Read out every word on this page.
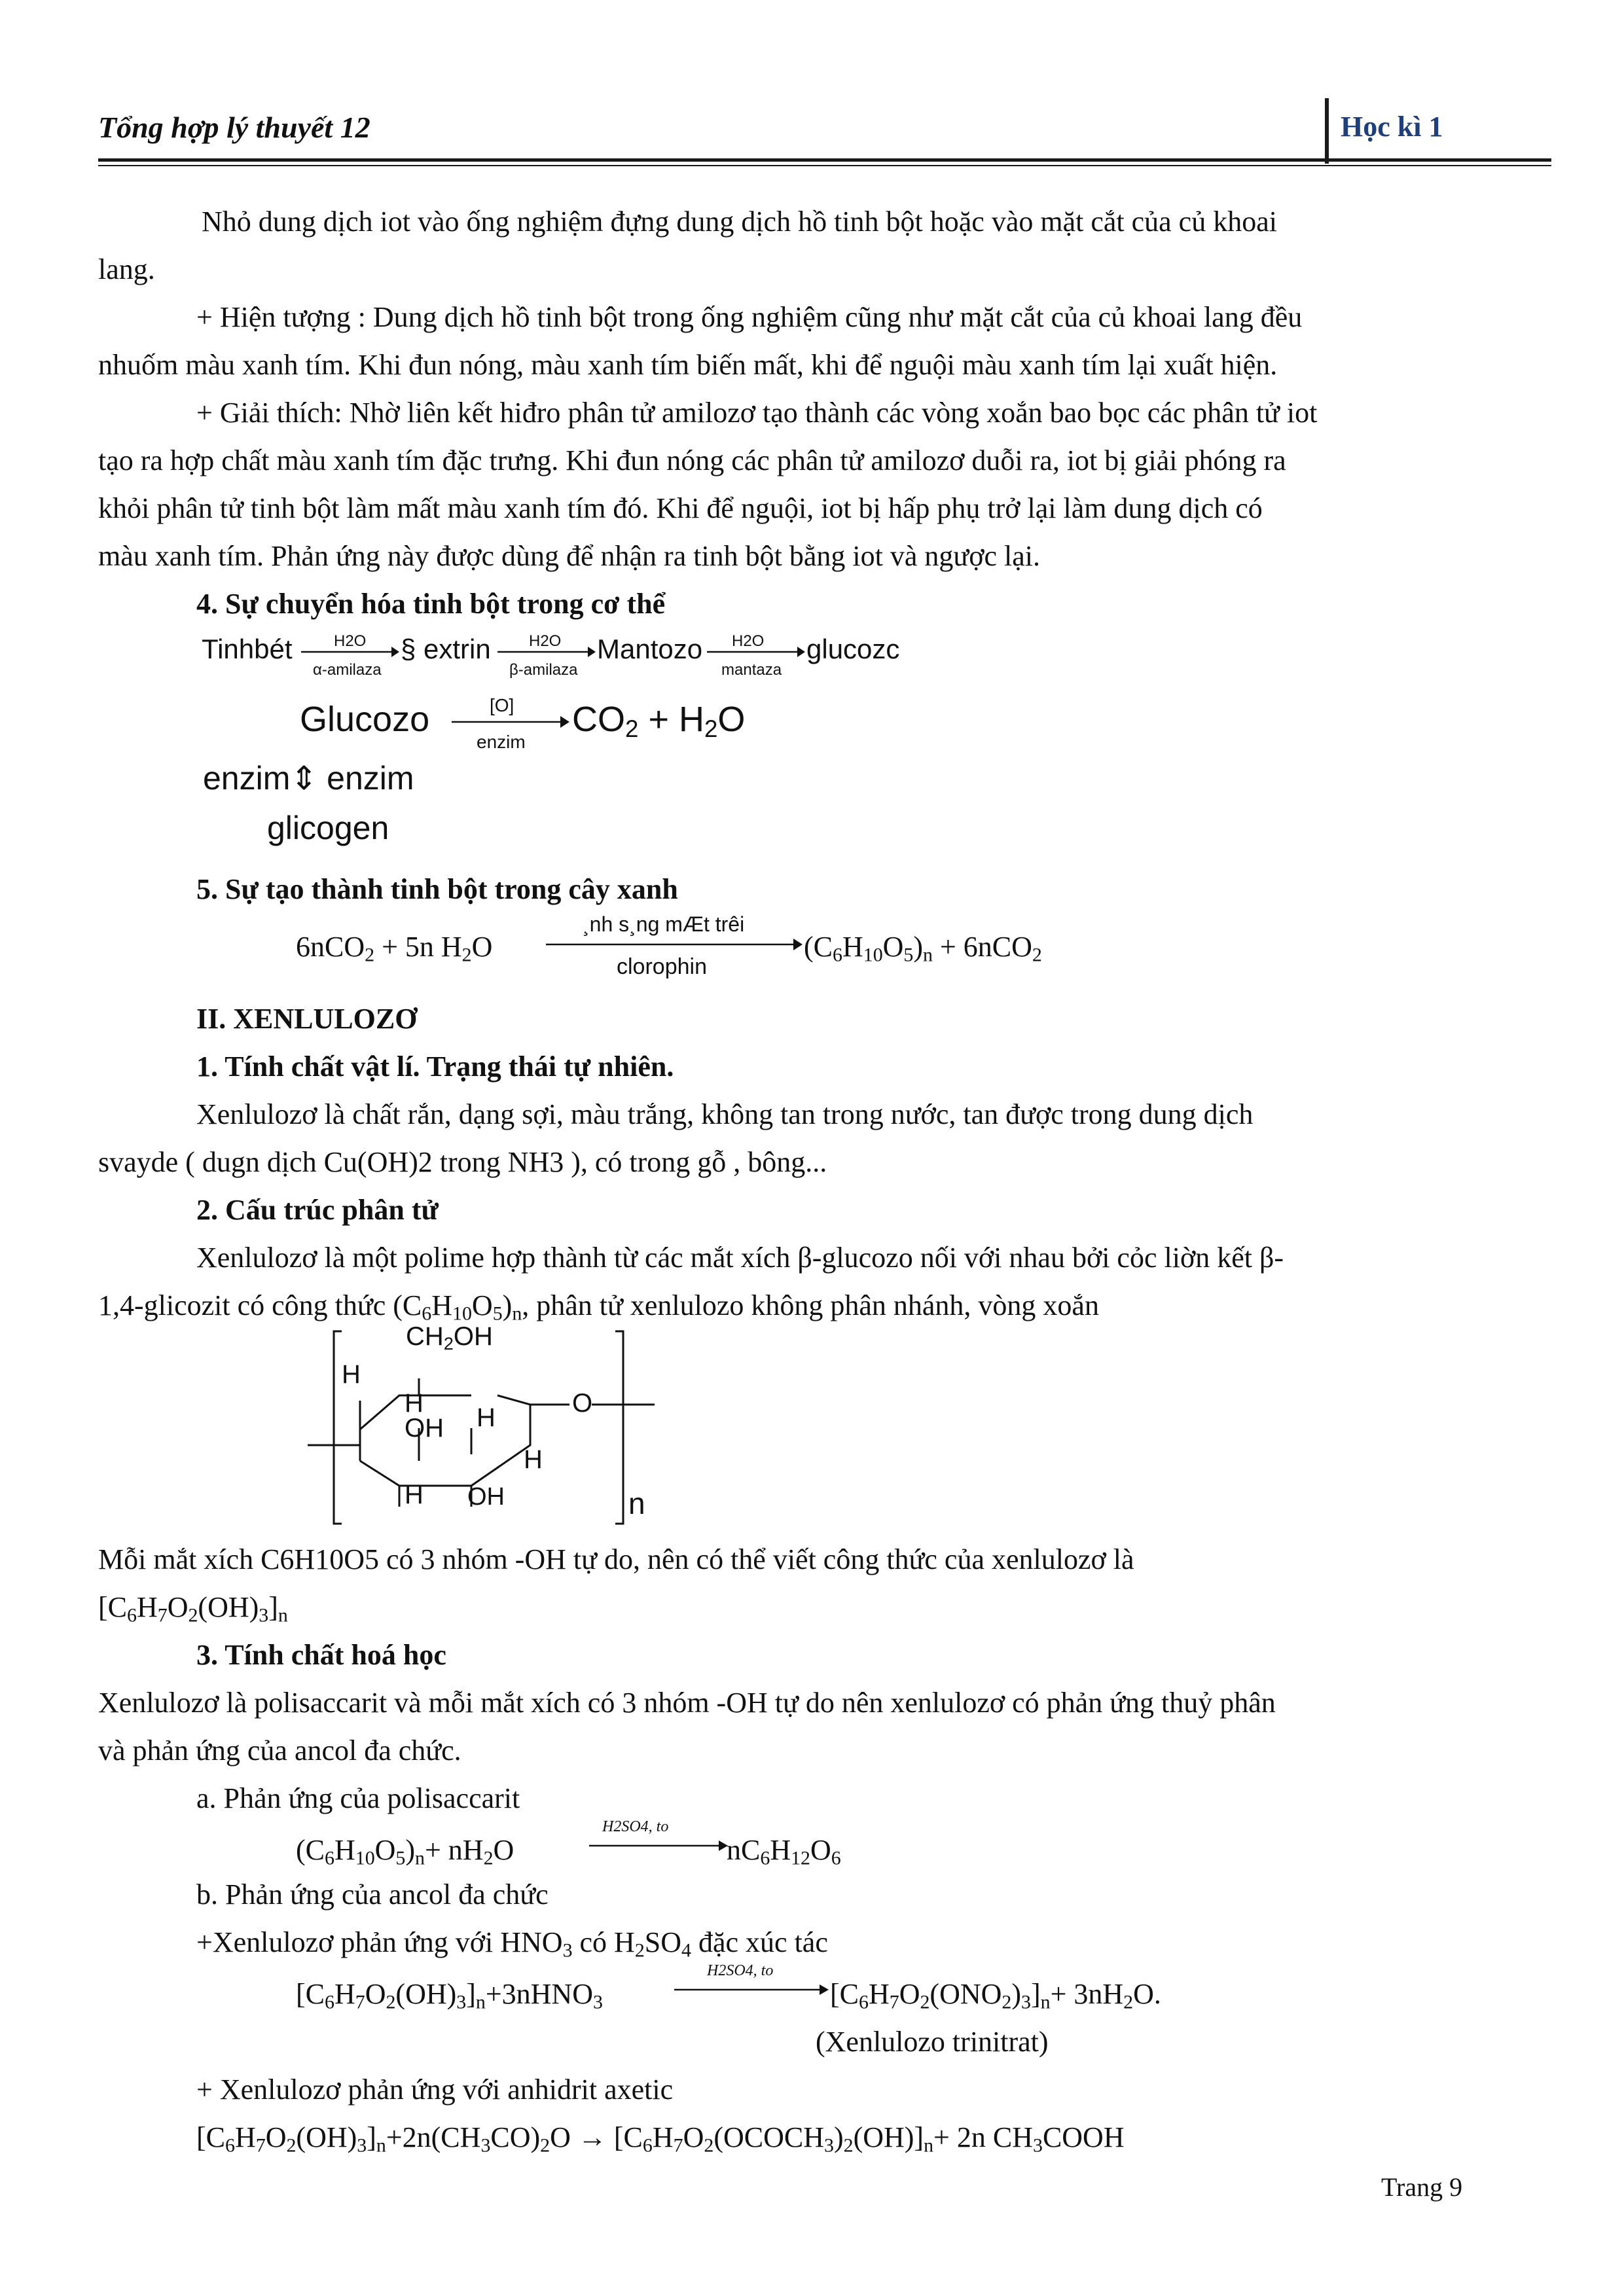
Tổng hợp lý thuyết 12	Học kì 1
Nhỏ dung dịch iot vào ống nghiệm đựng dung dịch hồ tinh bột hoặc vào mặt cắt của củ khoai
lang.
+ Hiện tượng : Dung dịch hồ tinh bột trong ống nghiệm cũng như mặt cắt của củ khoai lang đều
nhuốm màu xanh tím. Khi đun nóng, màu xanh tím biến mất, khi để nguội màu xanh tím lại xuất hiện.
+ Giải thích: Nhờ liên kết hiđro phân tử amilozơ tạo thành các vòng xoắn bao bọc các phân tử iot
tạo ra hợp chất màu xanh tím đặc trưng. Khi đun nóng các phân tử amilozơ duỗi ra, iot bị giải phóng ra
khỏi phân tử tinh bột làm mất màu xanh tím đó. Khi để nguội, iot bị hấp phụ trở lại làm dung dịch có
màu xanh tím. Phản ứng này được dùng để nhận ra tinh bột bằng iot và ngược lại.
4. Sự chuyển hóa tinh bột trong cơ thể
Tinhbét	H2O
α-amilaza
§ extrin H2O
β-amilaza
Mantozo H2O
mantaza
glucozc
Glucozo	[O]
enzim
$CO_2 + H_2O$
enzim⇕ enzim
glicogen
5. Sự tạo thành tinh bột trong cây xanh
6nCO$_2$ + 5n $H_2O$
¸nh s¸ng mÆt trêi
clorophin
$(C_6H_{10}O_5)_n + 6nCO_2$
II. XENLULOZƠ
1. Tính chất vật lí. Trạng thái tự nhiên.
Xenlulozơ là chất rắn, dạng sợi, màu trắng, không tan trong nước, tan được trong dung dịch
svayde ( dugn dịch Cu(OH)2 trong NH3 ), có trong gỗ , bông...
2. Cấu trúc phân tử
Xenlulozơ là một polime hợp thành từ các mắt xích β-glucozo nối với nhau bởi cỏc liờn kết β-
1,4-glicozit có công thức $(C_6H_{10}O_5)_n$, phân tử xenlulozo không phân nhánh, vòng xoắn
$CH_2OH$
H
H
OH H
H
O
H OH	n
Mỗi mắt xích C6H10O5 có 3 nhóm -OH tự do, nên có thể viết công thức của xenlulozơ là
$[C_6H_7O_2(OH)_3]_n$
3. Tính chất hoá học
Xenlulozơ là polisaccarit và mỗi mắt xích có 3 nhóm -OH tự do nên xenlulozơ có phản ứng thuỷ phân
và phản ứng của ancol đa chức.
a. Phản ứng của polisaccarit
$(C_6H_{10}O_5)_n+ nH_2O$
H2SO4, to
$nC_6H_{12}O_6$
b. Phản ứng của ancol đa chức
+Xenlulozơ phản ứng với $HNO_3$ có $H_2SO_4$ đặc xúc tác
$[C_6H_7O_2(OH)_3]_n+3nHNO_3$
H2SO4, to
$[C_6H_7O_2(ONO_2)_3]_n+ 3nH_2O$.
(Xenlulozo trinitrat)
+ Xenlulozơ phản ứng với anhidrit axetic
$[C_6H_7O_2(OH)_3]_n+2n(CH_3CO)_2O$ → $[C_6H_7O_2(OCOCH_3)_2(OH)]_n+ 2n$ $CH_3COOH$
Trang 9
